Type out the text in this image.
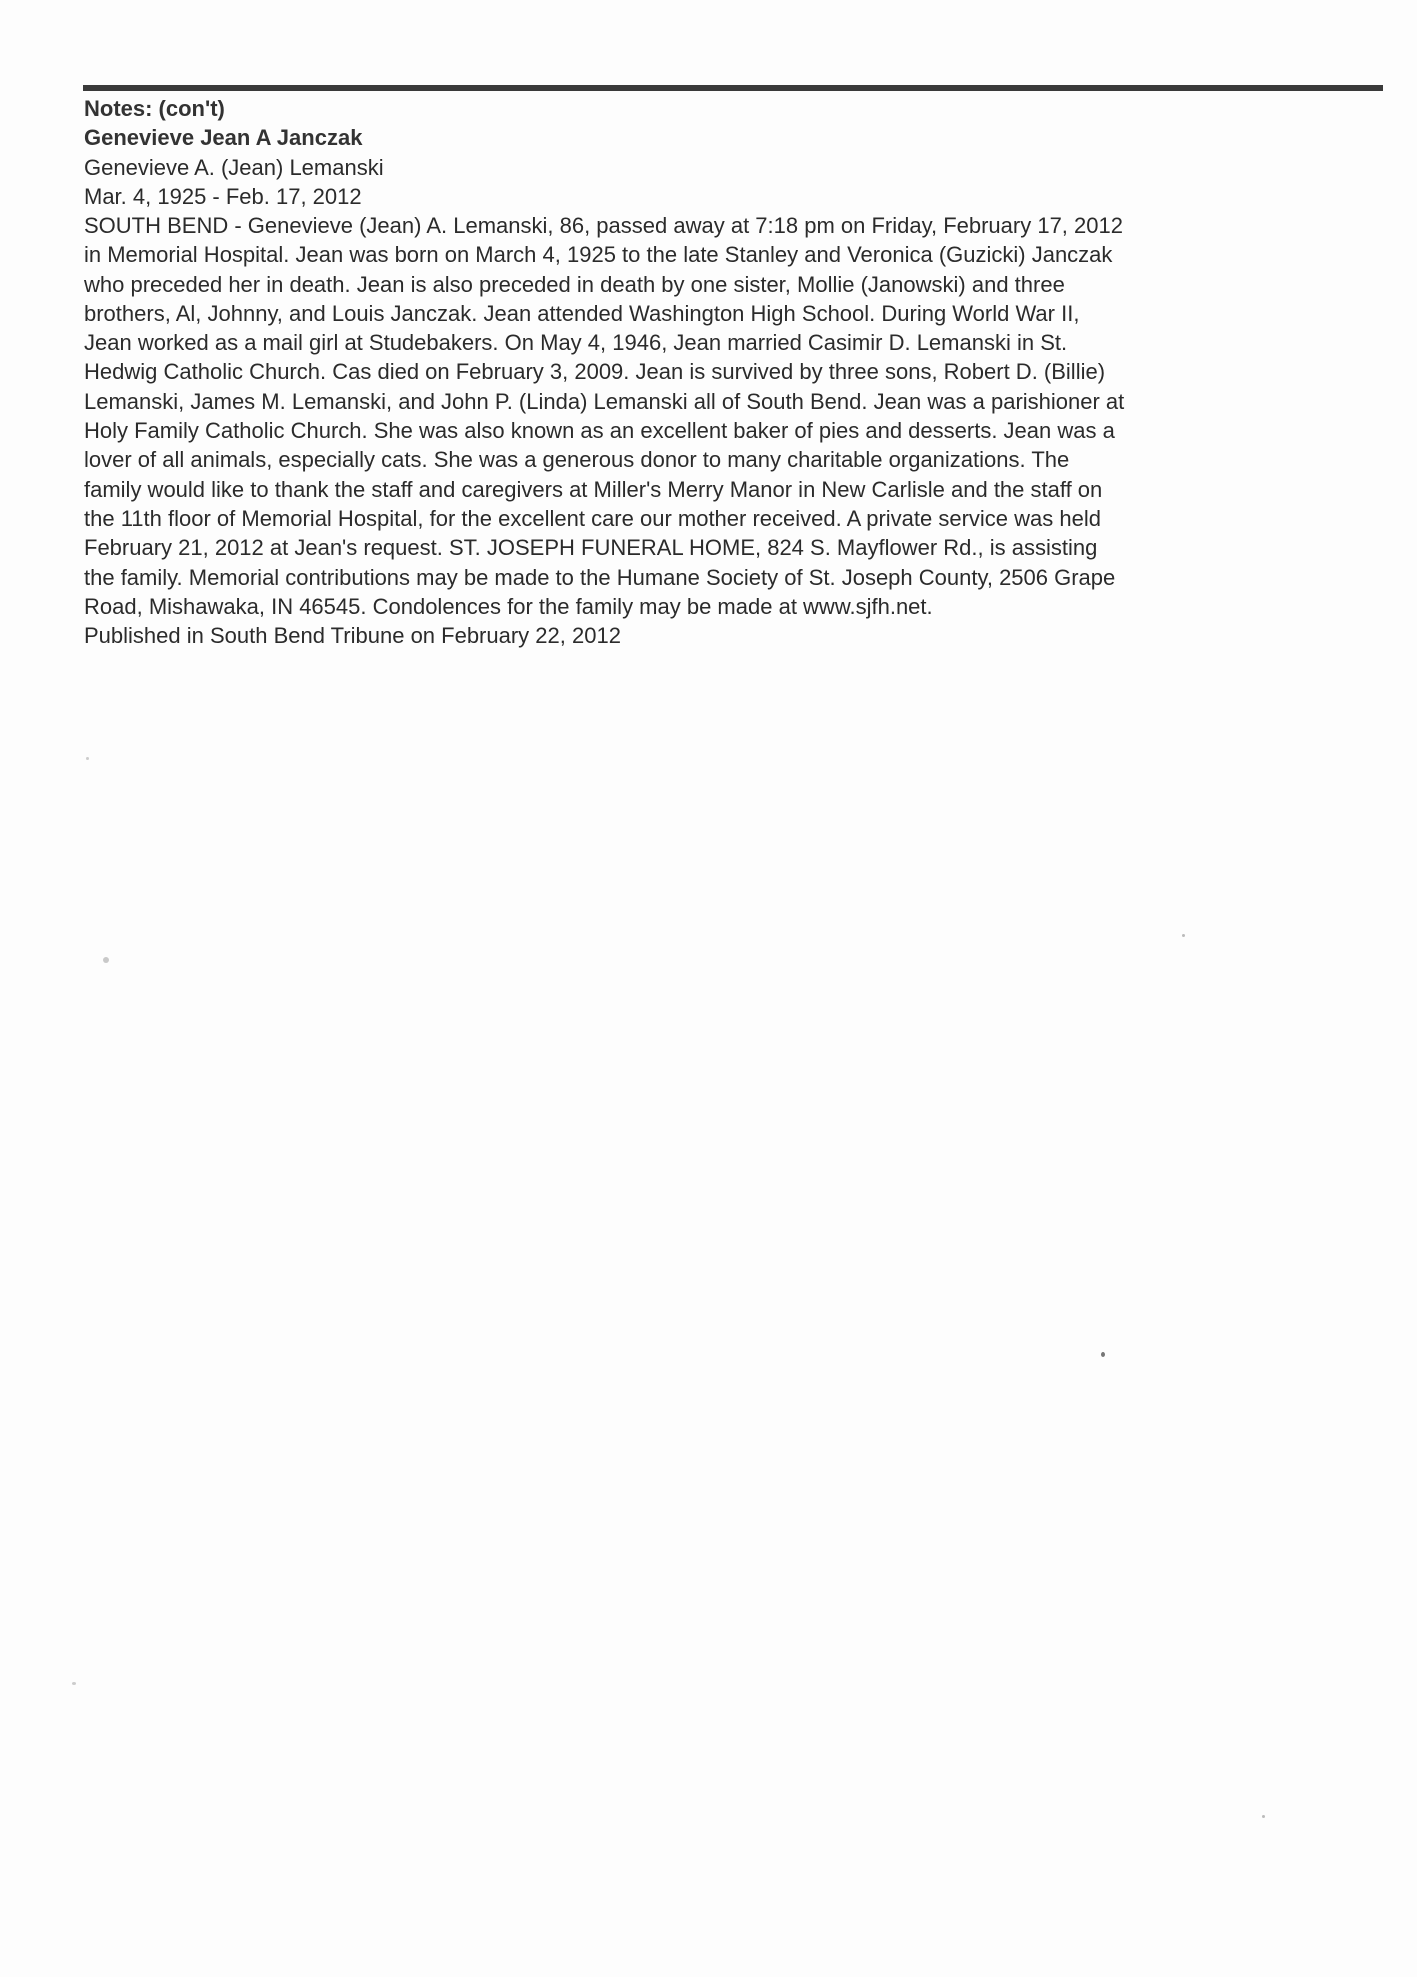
Notes: (con't)

Genevieve Jean A Janczak

Genevieve A. (Jean) Lemanski

Mar. 4, 1925 - Feb. 17, 2012

SOUTH BEND - Genevieve (Jean) A. Lemanski, 86, passed away at 7:18 pm on Friday, February 17, 2012
in Memorial Hospital. Jean was born on March 4, 1925 to the late Stanley and Veronica (Guzicki) Janczak
who preceded her in death. Jean is also preceded in death by one sister, Mollie (Janowski) and three
brothers, Al, Johnny, and Louis Janczak. Jean attended Washington High School. During World War II,
Jean worked as a mail girl at Studebakers. On May 4, 1946, Jean married Casimir D. Lemanski in St.
Hedwig Catholic Church. Cas died on February 3, 2009. Jean is survived by three sons, Robert D. (Billie)
Lemanski, James M. Lemanski, and John P. (Linda) Lemanski all of South Bend. Jean was a parishioner at
Holy Family Catholic Church. She was also known as an excellent baker of pies and desserts. Jean was a
lover of all animals, especially cats. She was a generous donor to many charitable organizations. The
family would like to thank the staff and caregivers at Miller's Merry Manor in New Carlisle and the staff on
the 11th floor of Memorial Hospital, for the excellent care our mother received. A private service was held
February 21, 2012 at Jean's request. ST. JOSEPH FUNERAL HOME, 824 S. Mayflower Rd., is assisting
the family. Memorial contributions may be made to the Humane Society of St. Joseph County, 2506 Grape
Road, Mishawaka, IN 46545. Condolences for the family may be made at www.sjfh.net.

Published in South Bend Tribune on February 22, 2012
